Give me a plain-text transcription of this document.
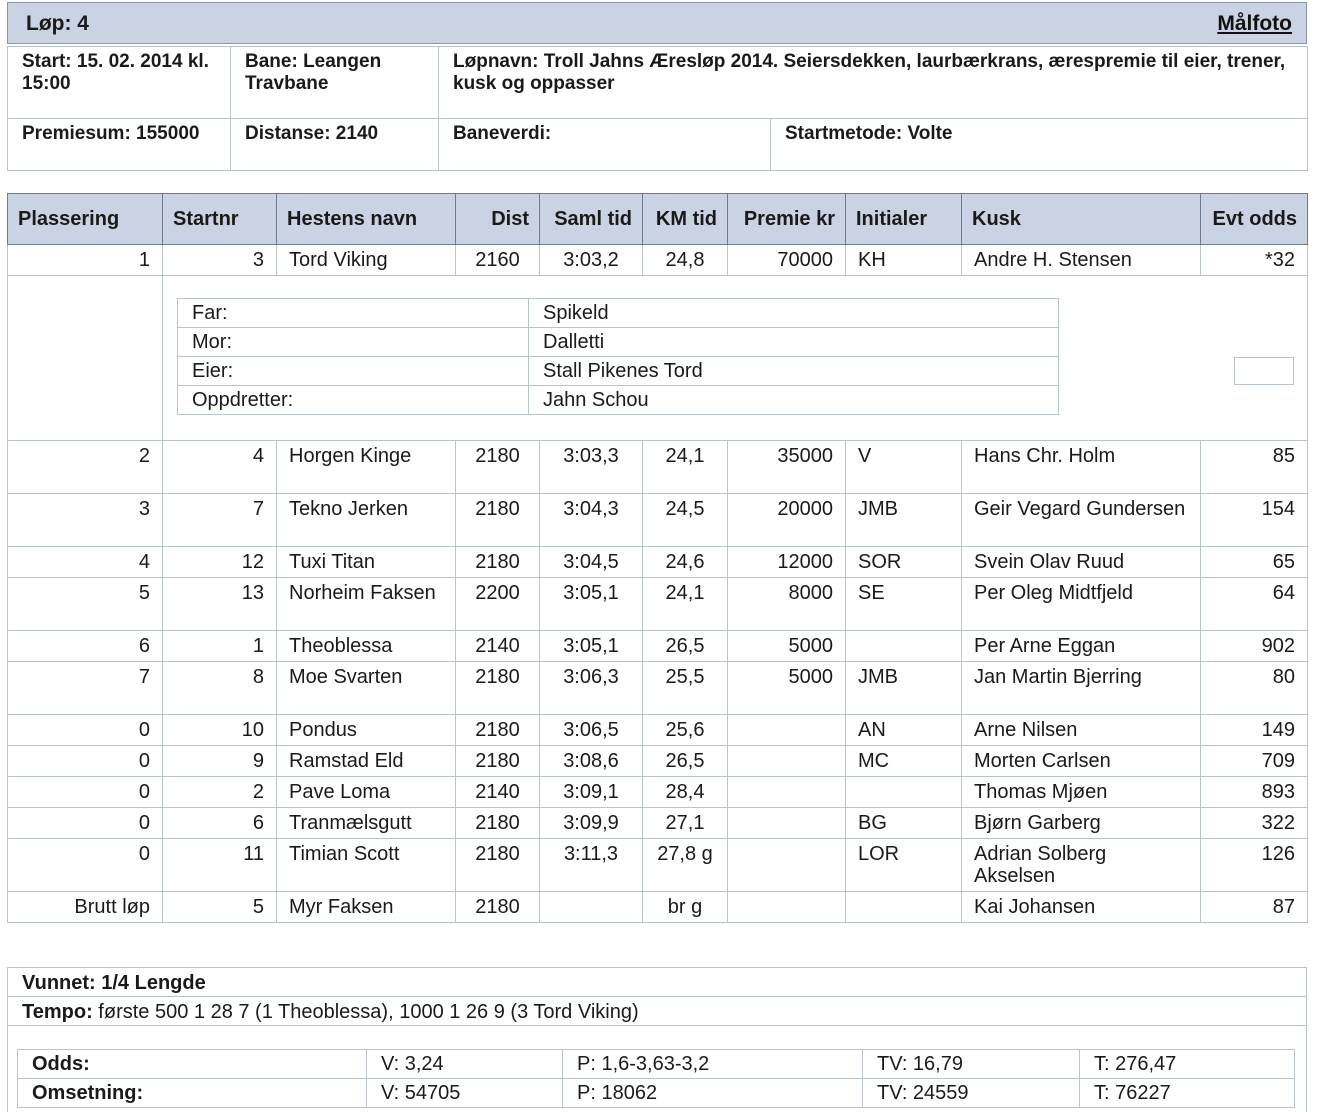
Løp: 4	Målfoto
Start: 15. 02. 2014 kl. 15:00	Bane: Leangen Travbane	Løpnavn: Troll Jahns Æresløp 2014. Seiersdekken, laurbærkrans, ærespremie til eier, trener, kusk og oppasser	
Premiesum: 155000	Distanse: 2140	Baneverdi:	Startmetode: Volte
Plassering	Startnr	Hestens navn	Dist	Saml tid	KM tid	Premie kr	Initialer	Kusk	Evt odds
1	3	Tord Viking	2160	3:03,2	24,8	70000	KH	Andre H. Stensen	*32

Far:	Spikeld
Mor:	Dalletti
Eier:	Stall Pikenes Tord
Oppdretter:	Jahn Schou

2	4	Horgen Kinge	2180	3:03,3	24,1	35000	V	Hans Chr. Holm	85
3	7	Tekno Jerken	2180	3:04,3	24,5	20000	JMB	Geir Vegard Gundersen	154
4	12	Tuxi Titan	2180	3:04,5	24,6	12000	SOR	Svein Olav Ruud	65
5	13	Norheim Faksen	2200	3:05,1	24,1	8000	SE	Per Oleg Midtfjeld	64
6	1	Theoblessa	2140	3:05,1	26,5	5000		Per Arne Eggan	902
7	8	Moe Svarten	2180	3:06,3	25,5	5000	JMB	Jan Martin Bjerring	80
0	10	Pondus	2180	3:06,5	25,6		AN	Arne Nilsen	149
0	9	Ramstad Eld	2180	3:08,6	26,5		MC	Morten Carlsen	709
0	2	Pave Loma	2140	3:09,1	28,4			Thomas Mjøen	893
0	6	Tranmælsgutt	2180	3:09,9	27,1		BG	Bjørn Garberg	322
0	11	Timian Scott	2180	3:11,3	27,8 g		LOR	Adrian Solberg Akselsen	126
Brutt løp	5	Myr Faksen	2180		br g			Kai Johansen	87
Vunnet: 1/4 Lengde
Tempo: første 500 1 28 7 (1 Theoblessa), 1000 1 26 9 (3 Tord Viking)
Odds:	V: 3,24	P: 1,6-3,63-3,2	TV: 16,79	T: 276,47
Omsetning:	V: 54705	P: 18062	TV: 24559	T: 76227
